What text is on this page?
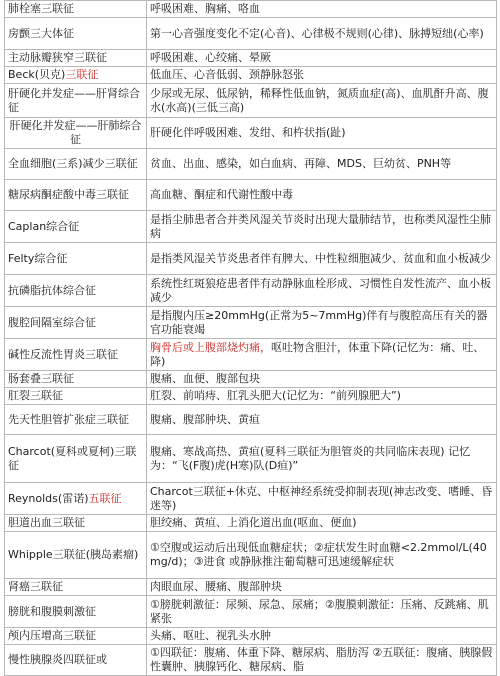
肺栓塞三联征	呼吸困难、胸痛、咯血
房颤三大体征	第一心音强度变化不定(心音)、心律极不规则(心律)、脉搏短绌(心率)
主动脉瓣狭窄三联征	呼吸困难、心绞痛、晕厥
Beck(贝克)三联征	低血压、心音低弱、颈静脉怒张
肝硬化并发症——肝肾综合征	少尿或无尿、低尿钠，稀释性低血钠，氮质血症(高)、血肌酐升高、腹水(水高)(三低三高)
肝硬化并发症——肝肺综合征	肝硬化伴呼吸困难、发绀、和杵状指(趾)
全血细胞(三系)减少三联征	贫血、出血、感染，如白血病、再障、MDS、巨幼贫、PNH等
糖尿病酮症酸中毒三联征	高血糖、酮症和代谢性酸中毒
Caplan综合征	是指尘肺患者合并类风湿关节炎时出现大量肺结节，也称类风湿性尘肺病
Felty综合征	是指类风湿关节炎患者伴有脾大、中性粒细胞减少、贫血和血小板减少
抗磷脂抗体综合征	系统性红斑狼疮患者伴有动静脉血栓形成、习惯性自发性流产、血小板减少
腹腔间隔室综合征	是指腹内压≥20mmHg(正常为5~7mmHg)伴有与腹腔高压有关的器官功能衰竭
碱性反流性胃炎三联征	胸骨后或上腹部烧灼痛，呕吐物含胆汁，体重下降(记忆为：痛、吐、降)
肠套叠三联征	腹痛、血便、腹部包块
肛裂三联征	肛裂、前哨痔、肛乳头肥大(记忆为：“前列腺肥大”)
先天性胆管扩张症三联征	腹痛、腹部肿块、黄疸
Charcot(夏科或夏柯)三联征	腹痛、寒战高热、黄疸(夏科三联征为胆管炎的共同临床表现) 记忆为：“飞(F腹)虎(H寒)队(D疸)”
Reynolds(雷诺)五联征	Charcot三联征+休克、中枢神经系统受抑制表现(神志改变、嗜睡、昏迷等)
胆道出血三联征	胆绞痛、黄疸、上消化道出血(呕血、便血)
Whipple三联征(胰岛素瘤)	①空腹或运动后出现低血糖症状；②症状发生时血糖<2.2mmol/L(40mg/d)；③进食 或静脉推注葡萄糖可迅速缓解症状
肾癌三联征	肉眼血尿、腰痛、腹部肿块
膀胱和腹膜刺激征	①膀胱刺激征：尿频、尿急、尿痛；②腹膜刺激征：压痛、反跳痛、肌紧张
颅内压增高三联征	头痛、呕吐、视乳头水肿
慢性胰腺炎四联征或	①四联征：腹痛、体重下降、糖尿病、脂肪泻 ②五联征：腹痛、胰腺假性囊肿、胰腺钙化、糖尿病、脂
